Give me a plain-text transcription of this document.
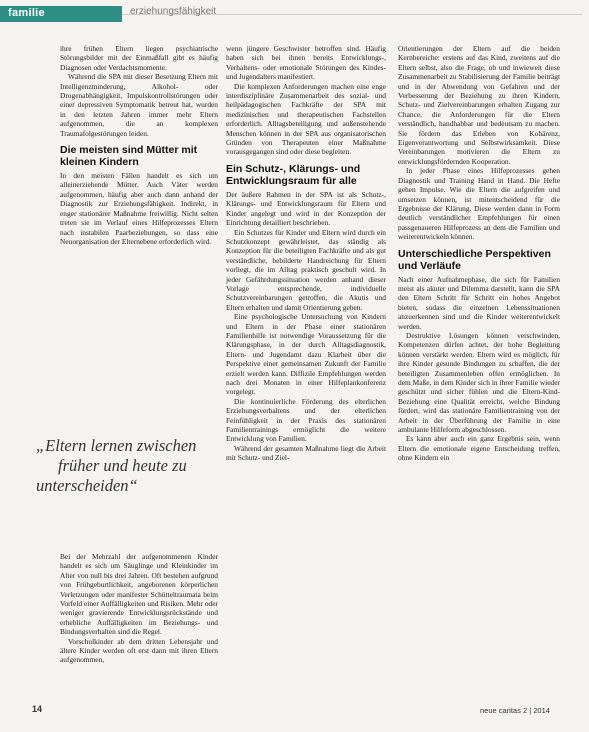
familie	erziehungsfähigkeit

ihre frühen Eltern liegen psychiatrische Störungsbilder mit der Einmaßfall gibt es häufig Diagnosen oder Verdachtsmomente.

Während die SPA mit dieser Besetzung Eltern mit Intelligenzminderung, Alkohol- oder Drogenabhängigkeit, Impulskontrollstörungen oder einer depressiven Symptomatik betreut hat, wurden in den letzten Jahren immer mehr Eltern aufgenommen, die an komplexen Traumafolgestörungen leiden.

Die meisten sind Mütter mit kleinen Kindern

In den meisten Fällen handelt es sich um alleinerziehende Mütter. Auch Väter werden aufgenommen, häufig aber auch dann anhand der Diagnostik zur Erziehungsfähigkeit. Indirekt, in enger stationärer Maßnahme freiwillig. Nicht selten treten sie im Verlauf eines Hilfeprozesses Eltern nach instabilen Paarbeziehungen, so dass eine Neuorganisation der Elternebene erforderlich wird.

„Eltern lernen zwischen
früher und heute zu
unterscheiden“

Bei der Mehrzahl der aufgenommenen Kinder handelt es sich um Säuglinge und Kleinkinder im Alter von null bis drei Jahren. Oft bestehen aufgrund von Frühgeburtlichkeit, angeborenen körperlichen Verletzungen oder manifester Schütteltraumata beim Vorfeld einer Auffälligkeiten und Risiken. Mehr oder weniger gravierende Entwicklungsrückstände und erhebliche Auffälligkeiten im Beziehungs- und Bindungsverhalten sind die Regel.

Vorschulkinder ab dem dritten Lebensjahr und ältere Kinder werden oft erst dann mit ihren Eltern aufgenommen,

wenn jüngere Geschwister betroffen sind. Häufig haben sich bei ihnen bereits Entwicklungs-, Verhaltens- oder emotionale Störungen des Kindes- und Jugendalters manifestiert.

Die komplexen Anforderungen machen eine enge interdisziplinäre Zusammenarbeit des sozial- und heilpädagogischen Fachkräfte der SPA mit medizinischen und therapeutischen Fachstellen erforderlich. Alltagsbeteiligung und außenstehende Menschen können in der SPA aus organisatorischen Gründen von Therapeuten einer Maßnahme vorausgegangen sind oder diese begleiten.

Ein Schutz-, Klärungs- und Entwicklungsraum für alle

Der äußere Rahmen in der SPA ist als Schutz-, Klärungs- und Entwicklungsraum für Eltern und Kinder angelegt und wird in der Konzeption der Einrichtung detailliert beschrieben.

Ein Schutzes für Kinder und Eltern wird durch ein Schutzkonzept gewährleistet, das ständig als Konzeption für die beteiligten Fachkräfte und als gut verständliche, bebilderte Handreichung für Eltern vorliegt, die im Alltag praktisch geschult wird. In jeder Gefährdungssituation werden anhand dieser Vorlage entsprechende, individuelle Schutzvereinbarungen getroffen, die Akutis und Eltern erhalten und damit Orientierung geben.

Eine psychologische Untersuchung von Kindern und Eltern in der Phase einer stationären Familienhilfe ist notwendige Voraussetzung für die Klärungsphase, in der durch Alltagsdiagnostik, Eltern- und Jugendamt dazu Klarheit über die Perspektive einer gemeinsamen Zukunft der Familie erzielt werden kann. Diffizile Empfehlungen werden nach drei Monaten in einer Hilfeplankonferenz vorgelegt.

Die kontinuierliche Förderung des elterlichen Erziehungsverhaltens und der elterlichen Feinfühligkeit in der Praxis des stationären Familientrainings ermöglicht die weitere Entwicklung von Familien.

Während der gesamten Maßnahme liegt die Arbeit mit Schutz- und Ziel-

Orientierungen der Eltern auf die beiden Kernbereiche: erstens auf das Kind, zweitens auf die Eltern selbst, also die Frage, ob und inwieweit diese Zusammenarbeit zu Stabilisierung der Familie beiträgt und in der Abwendung von Gefahren und der Verbesserung der Beziehung zu ihren Kindern, Schutz- und Zielvereinbarungen erhalten Zugang zur Chance, die Anforderungen für die Eltern verständlich, handhabbar und bedeutsam zu machen. Sie fördern das Erleben von Kohärenz, Eigenverantwortung und Selbstwirksamkeit. Diese Vereinbarungen motivieren die Eltern zu entwicklungsfördernden Kooperation.

In jeder Phase eines Hilfeprozesses gehen Diagnostik und Training Hand in Hand. Die Hefte gehen Impulse. Wie die Eltern die aufgreifen und umsetzen können, ist mitentscheidend für die Ergebnisse der Klärung. Diese werden dann in Form deutlich verständlicher Empfehlungen für einen passgenaueren Hilfeprozess an dem die Familien und weiterentwickeln können.

Unterschiedliche Perspektiven und Verläufe

Nach einer Aufnahmephase, die sich für Familien meist als akuter und Dilemma darstellt, kann die SPA den Eltern Schritt für Schritt ein hohes Angebot bieten, sodass die einzelnen Lebenssituationen anzuerkennen sind und die Kinder weiterentwickelt werden.

Destruktive Lösungen können verschwinden, Kompetenzen dürfen achtet, der hohe Begleitung können verstärkt werden. Eltern wird es möglich, für ihre Kinder gesunde Bindungen zu schaffen, die der beteiligten Zusammenleben offen ermöglichen. In dem Maße, in dem Kinder sich in ihrer Familie wieder geschützt und sicher fühlen und die Eltern-Kind-Beziehung eine Qualität erreicht, welche Bindung fördert, wird das stationäre Familientraining von der Arbeit in der Überführung der Familie in eine ambulante Hilfeform abgeschlossen.

Es kann aber auch ein ganz Ergebnis sein, wenn Eltern die emotionale eigene Entscheidung treffen, ohne Kindern ein

14	neue caritas 2 | 2014
